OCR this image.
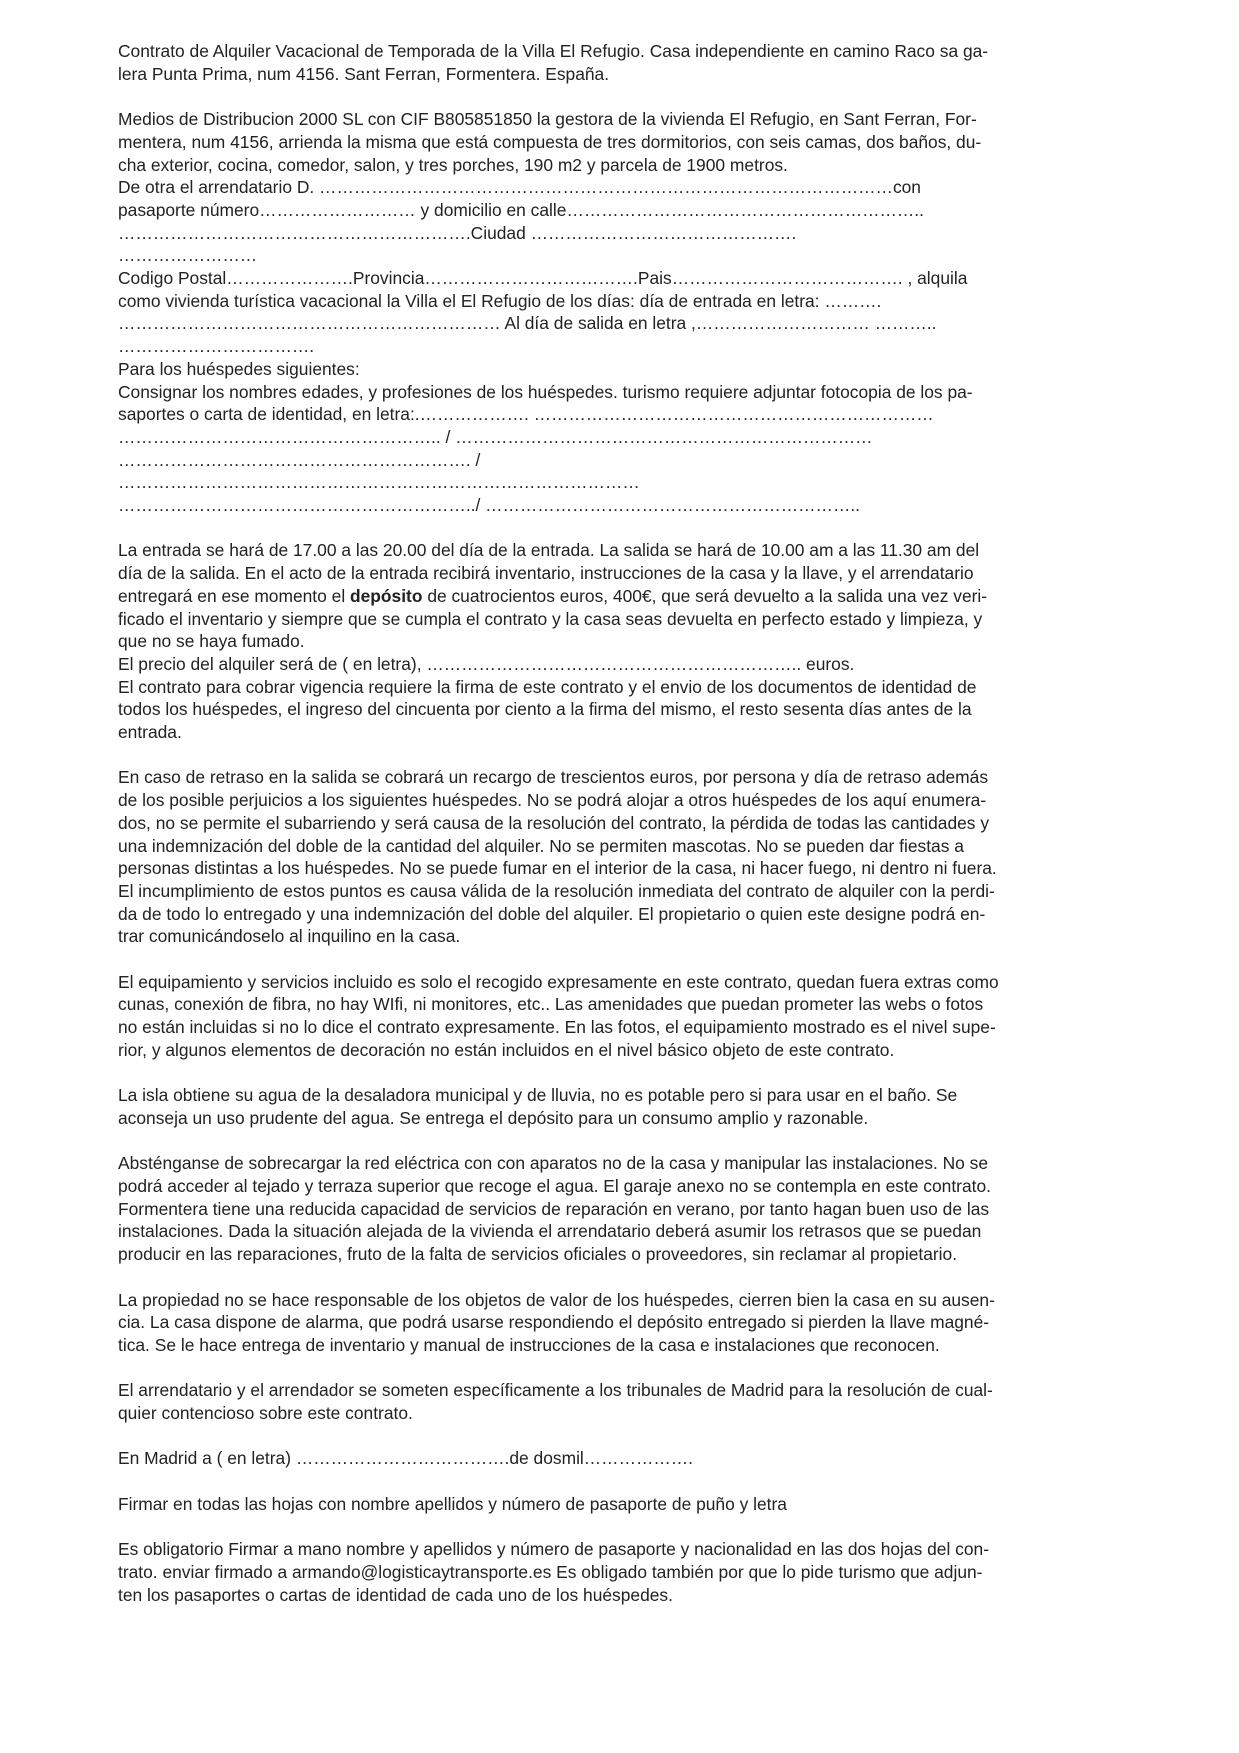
Contrato de Alquiler Vacacional de Temporada de la Villa El Refugio. Casa independiente en camino Raco sa ga-
lera Punta Prima, num 4156. Sant Ferran, Formentera. España.
Medios de Distribucion 2000 SL con CIF B805851850 la gestora de la vivienda El Refugio, en Sant Ferran, For-
mentera, num 4156, arrienda la misma que está compuesta de tres dormitorios, con seis camas, dos baños, du-
cha exterior, cocina, comedor, salon, y tres porches, 190 m2 y parcela de 1900 metros.
De otra el arrendatario D. ………………………………………………………………………………………con
pasaporte número……………………… y domicilio en calle……………………………………………………..
…………………………………………………….Ciudad ……………………………………….
……………………
Codigo Postal………………….Provincia……………………………….Pais…………………………………. , alquila
como vivienda turística vacacional la Villa el El Refugio de los días: día de entrada en letra: ……….
………………………………………………………… Al día de salida en letra ,………………………… ………..
…………………………….
Para los huéspedes siguientes:
Consignar los nombres edades, y profesiones de los huéspedes. turismo requiere adjuntar fotocopia de los pa-
saportes o carta de identidad, en letra:.………………. ……………………………………………………………
……………………………………………….. / ………………………………………………………………
……………………………………………………. /
………………………………………………………………………………
……………………………………………………../ ………………………………………………………..
La entrada se hará de 17.00 a las 20.00 del día de la entrada. La salida se hará de 10.00 am a las 11.30 am del
día de la salida. En el acto de la entrada recibirá inventario, instrucciones de la casa y la llave, y el arrendatario
entregará en ese momento el depósito de cuatrocientos euros, 400€, que será devuelto a la salida una vez veri-
ficado el inventario y siempre que se cumpla el contrato y la casa seas devuelta en perfecto estado y limpieza, y
que no se haya fumado.
El precio del alquiler será de ( en letra), ……………………………………………………….. euros.
El contrato para cobrar vigencia requiere la firma de este contrato y el envio de los documentos de identidad de
todos los huéspedes, el ingreso del cincuenta por ciento a la firma del mismo, el resto sesenta días antes de la
entrada.
En caso de retraso en la salida se cobrará un recargo de trescientos euros, por persona y día de retraso además
de los posible perjuicios a los siguientes huéspedes. No se podrá alojar a otros huéspedes de los aquí enumera-
dos, no se permite el subarriendo y será causa de la resolución del contrato, la pérdida de todas las cantidades y
una indemnización del doble de la cantidad del alquiler. No se permiten mascotas. No se pueden dar fiestas a
personas distintas a los huéspedes. No se puede fumar en el interior de la casa, ni hacer fuego, ni dentro ni fuera.
El incumplimiento de estos puntos es causa válida de la resolución inmediata del contrato de alquiler con la perdi-
da de todo lo entregado y una indemnización del doble del alquiler. El propietario o quien este designe podrá en-
trar comunicándoselo al inquilino en la casa.
El equipamiento y servicios incluido es solo el recogido expresamente en este contrato, quedan fuera extras como
cunas, conexión de fibra, no hay WIfi, ni monitores, etc.. Las amenidades que puedan prometer las webs o fotos
no están incluidas si no lo dice el contrato expresamente. En las fotos, el equipamiento mostrado es el nivel supe-
rior, y algunos elementos de decoración no están incluidos en el nivel básico objeto de este contrato.
La isla obtiene su agua de la desaladora municipal y de lluvia, no es potable pero si para usar en el baño. Se
aconseja un uso prudente del agua. Se entrega el depósito para un consumo amplio y razonable.
Absténganse de sobrecargar la red eléctrica con con aparatos no de la casa y manipular las instalaciones. No se
podrá acceder al tejado y terraza superior que recoge el agua. El garaje anexo no se contempla en este contrato.
Formentera tiene una reducida capacidad de servicios de reparación en verano, por tanto hagan buen uso de las
instalaciones. Dada la situación alejada de la vivienda el arrendatario deberá asumir los retrasos que se puedan
producir en las reparaciones, fruto de la falta de servicios oficiales o proveedores, sin reclamar al propietario.
La propiedad no se hace responsable de los objetos de valor de los huéspedes, cierren bien la casa en su ausen-
cia. La casa dispone de alarma, que podrá usarse respondiendo el depósito entregado si pierden la llave magné-
tica. Se le hace entrega de inventario y manual de instrucciones de la casa e instalaciones que reconocen.
El arrendatario y el arrendador se someten específicamente a los tribunales de Madrid para la resolución de cual-
quier contencioso sobre este contrato.
En Madrid a ( en letra) ……………………………….de dosmil……………….
Firmar en todas las hojas con nombre apellidos y número de pasaporte de puño y letra
Es obligatorio Firmar a mano nombre y apellidos y número de pasaporte y nacionalidad en las dos hojas del con-
trato. enviar firmado a armando@logisticaytransporte.es Es obligado también por que lo pide turismo que adjun-
ten los pasaportes o cartas de identidad de cada uno de los huéspedes.
